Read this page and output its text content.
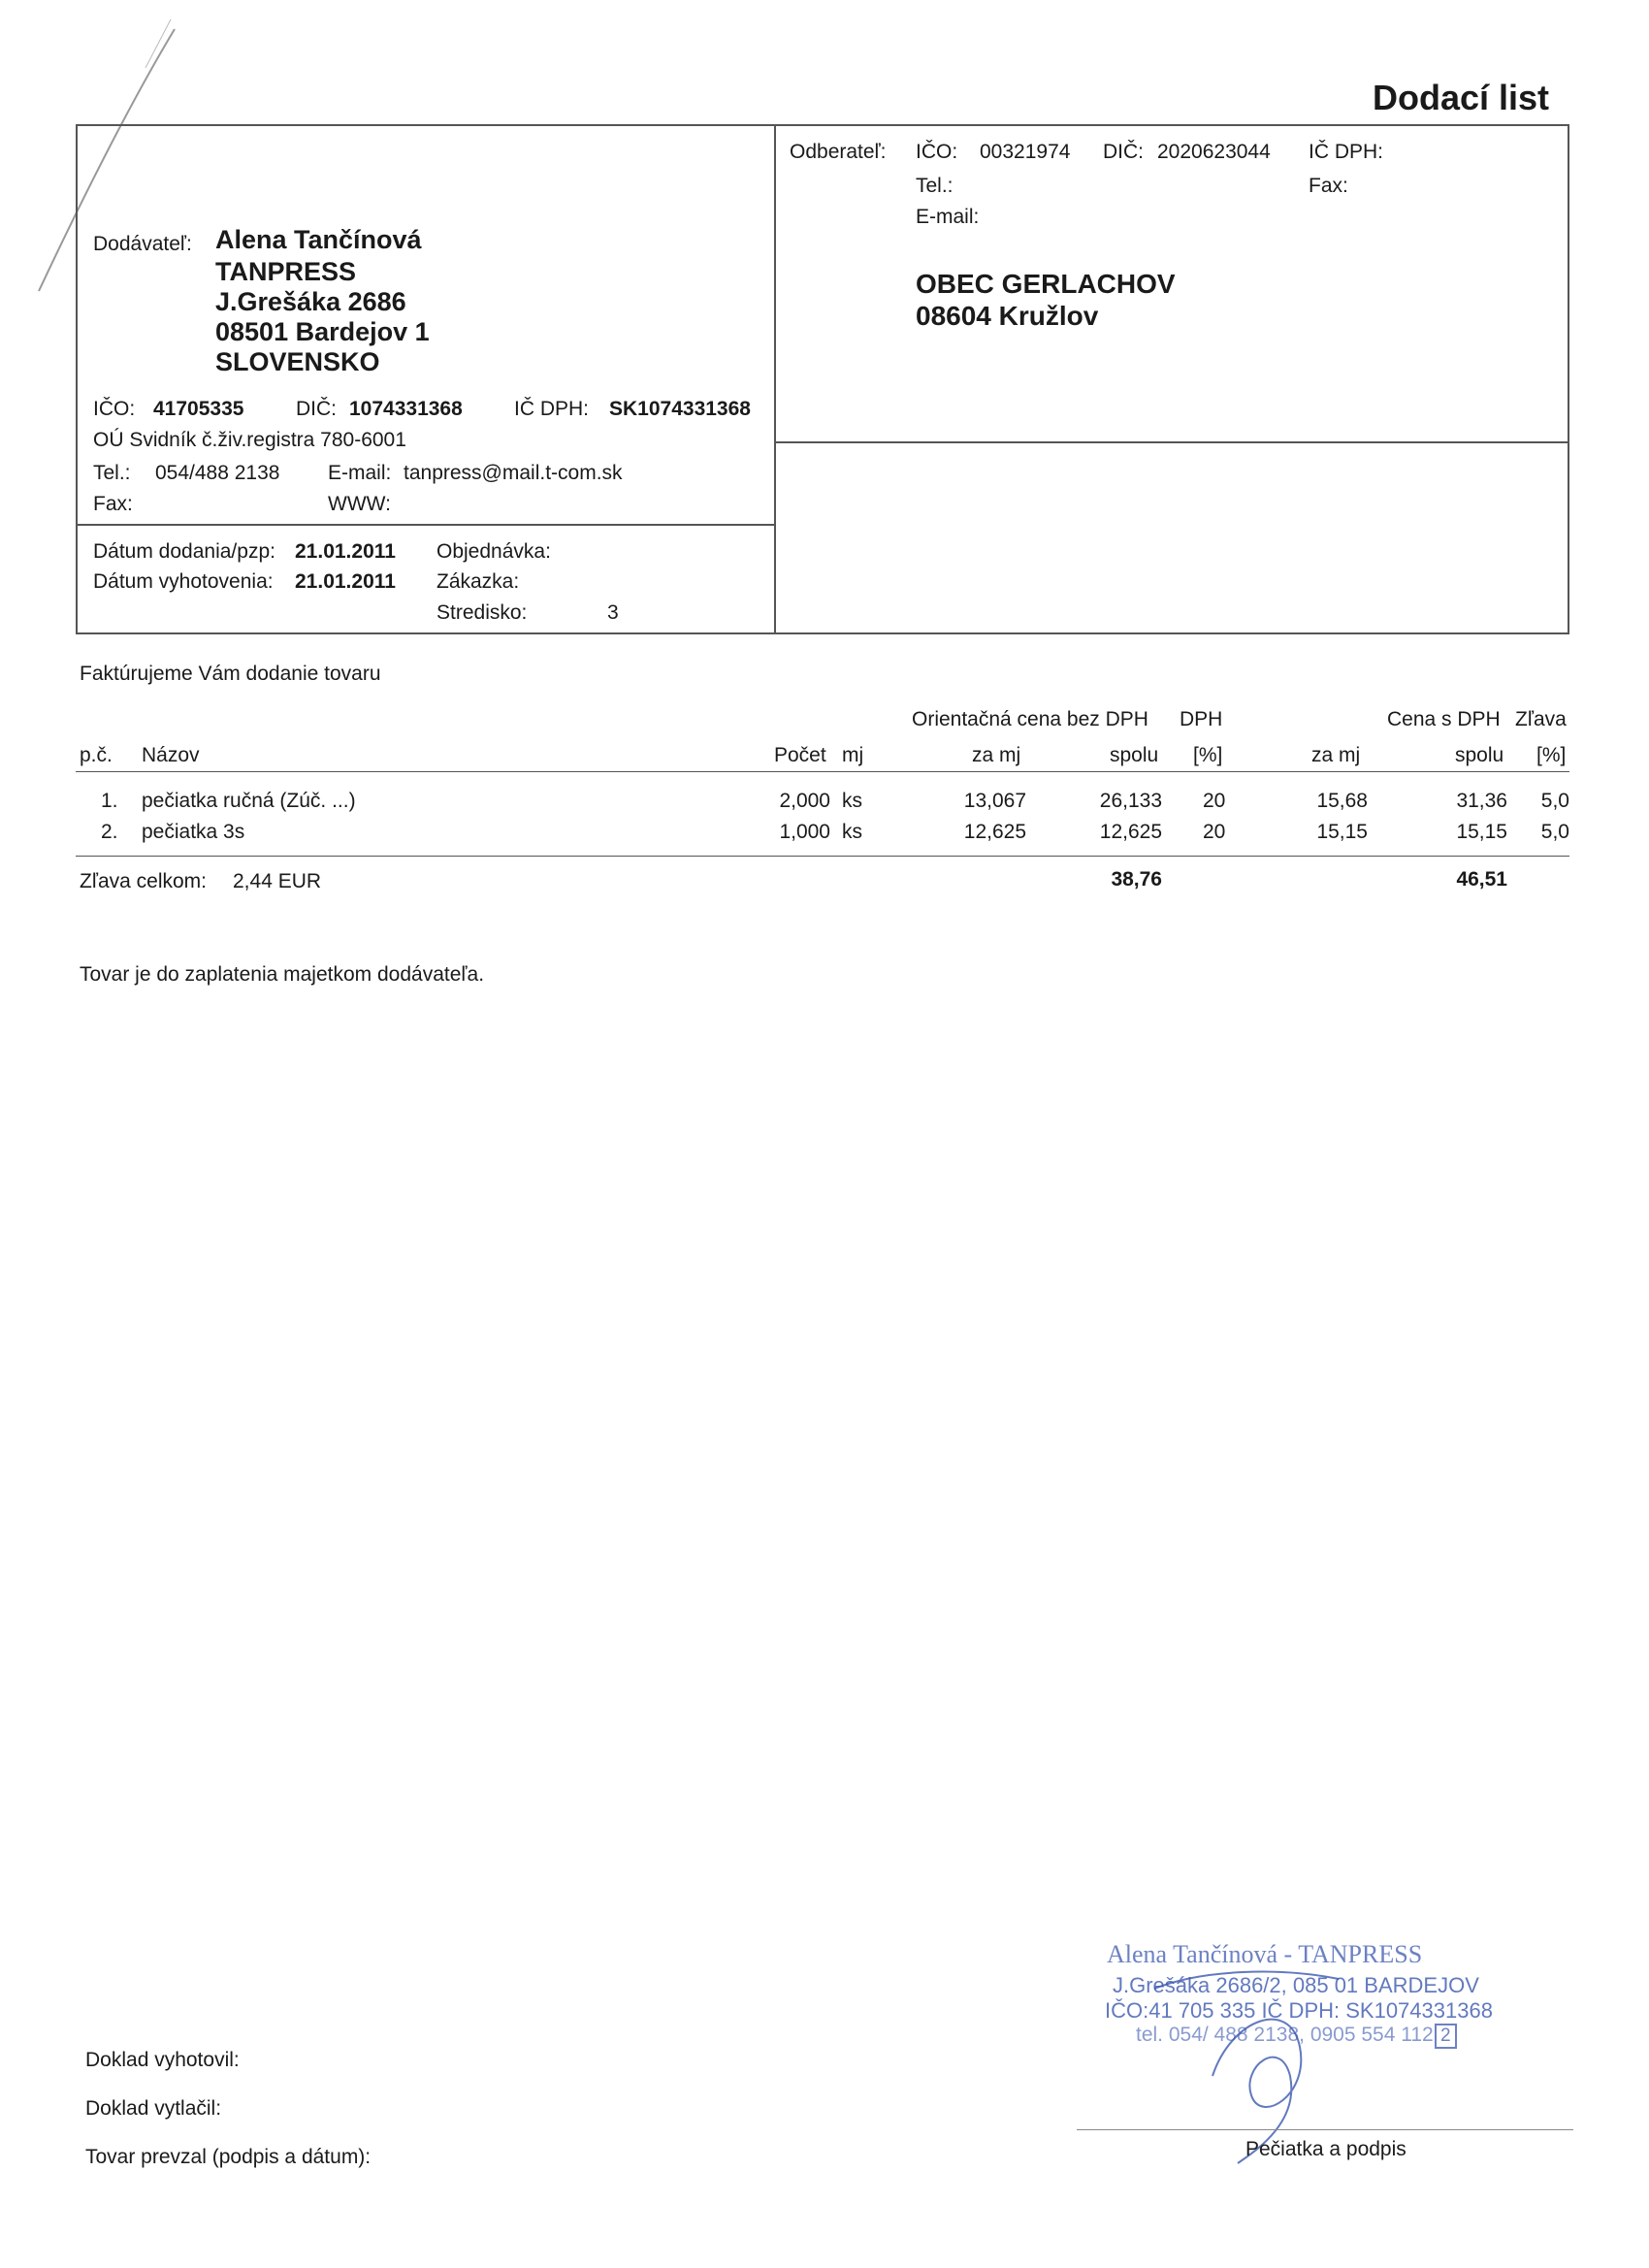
Dodací list
Dodávateľ: Alena Tančínová
TANPRESS
J.Grešáka 2686
08501 Bardejov 1
SLOVENSKO
IČO: 41705335	DIČ: 1074331368	IČ DPH: SK1074331368
OÚ Svidník č.živ.registra 780-6001
Tel.: 054/488 2138 E-mail: tanpress@mail.t-com.sk
Fax:	WWW:
Dátum dodania/pzp: 21.01.2011
Dátum vyhotovenia: 21.01.2011
Objednávka:
Zákazka:
Stredisko:	3
Odberateľ: IČO: 00321974 DIČ: 2020623044 IČ DPH:
Tel.:	Fax:
E-mail:
OBEC GERLACHOV
08604 Kružlov
Faktúrujeme Vám dodanie tovaru
Orientačná cena bez DPH DPH	Cena s DPH Zľava
p.č. Názov	Počet mj	za mj	spolu [%]	za mj	spolu [%]
1. pečiatka ručná (Zúč. ...)	2,000 ks	13,067	26,133 20	15,68	31,36	5,0
2. pečiatka 3s	1,000 ks	12,625	12,625 20	15,15	15,15	5,0
Zľava celkom: 2,44 EUR	38,76	46,51
Tovar je do zaplatenia majetkom dodávateľa.
Alena Tančínová - TANPRESS
J.Grešáka 2686/2, 085 01 BARDEJOV
IČO:41 705 335 IČ DPH: SK1074331368
tel. 054/ 488 2138, 0905 554 112 2
Doklad vyhotovil:
Doklad vytlačil:
Tovar prevzal (podpis a dátum):	Pečiatka a podpis
